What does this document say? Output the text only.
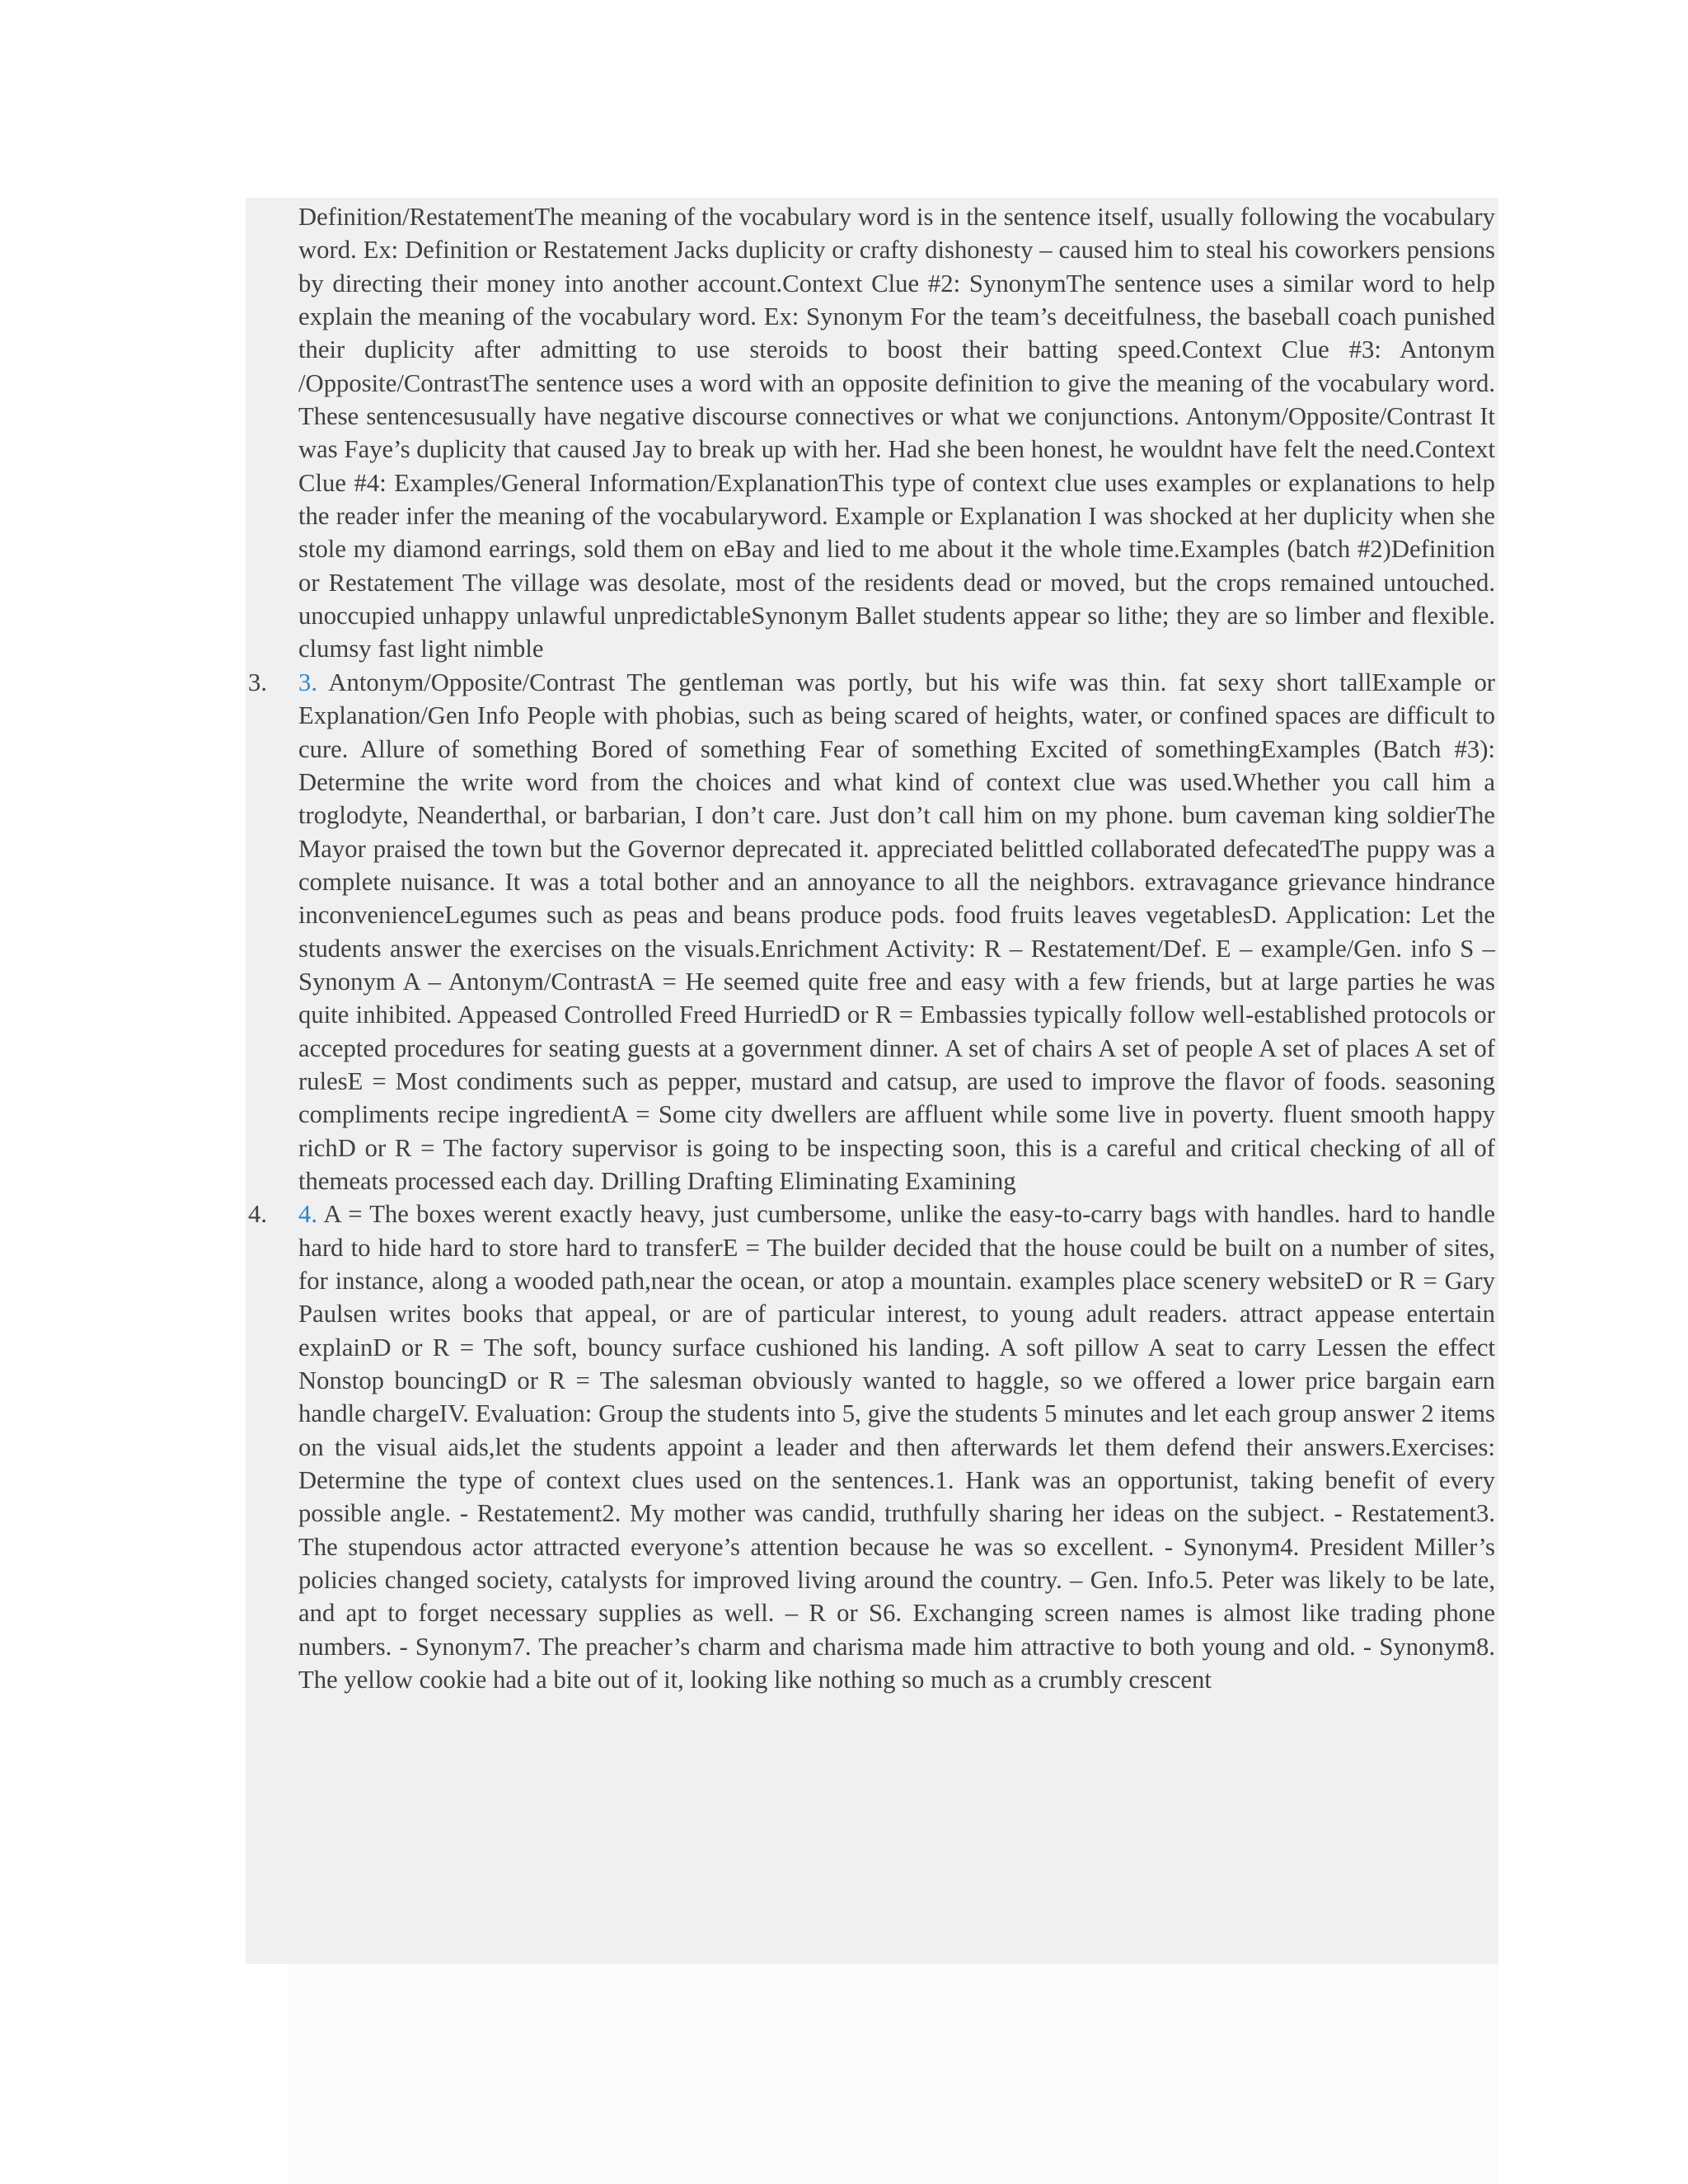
Definition/RestatementThe meaning of the vocabulary word is in the sentence itself, usually following the vocabulary word. Ex: Definition or Restatement Jacks duplicity or crafty dishonesty – caused him to steal his coworkers pensions by directing their money into another account.Context Clue #2: SynonymThe sentence uses a similar word to help explain the meaning of the vocabulary word. Ex: Synonym For the team’s deceitfulness, the baseball coach punished their duplicity after admitting to use steroids to boost their batting speed.Context Clue #3: Antonym /Opposite/ContrastThe sentence uses a word with an opposite definition to give the meaning of the vocabulary word. These sentencesusually have negative discourse connectives or what we conjunctions. Antonym/Opposite/Contrast It was Faye’s duplicity that caused Jay to break up with her. Had she been honest, he wouldnt have felt the need.Context Clue #4: Examples/General Information/ExplanationThis type of context clue uses examples or explanations to help the reader infer the meaning of the vocabularyword. Example or Explanation I was shocked at her duplicity when she stole my diamond earrings, sold them on eBay and lied to me about it the whole time.Examples (batch #2)Definition or Restatement The village was desolate, most of the residents dead or moved, but the crops remained untouched. unoccupied unhappy unlawful unpredictableSynonym Ballet students appear so lithe; they are so limber and flexible. clumsy fast light nimble
3. 3. Antonym/Opposite/Contrast The gentleman was portly, but his wife was thin. fat sexy short tallExample or Explanation/Gen Info People with phobias, such as being scared of heights, water, or confined spaces are difficult to cure. Allure of something Bored of something Fear of something Excited of somethingExamples (Batch #3): Determine the write word from the choices and what kind of context clue was used.Whether you call him a troglodyte, Neanderthal, or barbarian, I don’t care. Just don’t call him on my phone. bum caveman king soldierThe Mayor praised the town but the Governor deprecated it. appreciated belittled collaborated defecatedThe puppy was a complete nuisance. It was a total bother and an annoyance to all the neighbors. extravagance grievance hindrance inconvenienceLegumes such as peas and beans produce pods. food fruits leaves vegetablesD. Application: Let the students answer the exercises on the visuals.Enrichment Activity: R – Restatement/Def. E – example/Gen. info S – Synonym A – Antonym/ContrastA = He seemed quite free and easy with a few friends, but at large parties he was quite inhibited. Appeased Controlled Freed HurriedD or R = Embassies typically follow well-established protocols or accepted procedures for seating guests at a government dinner. A set of chairs A set of people A set of places A set of rulesE = Most condiments such as pepper, mustard and catsup, are used to improve the flavor of foods. seasoning compliments recipe ingredientA = Some city dwellers are affluent while some live in poverty. fluent smooth happy richD or R = The factory supervisor is going to be inspecting soon, this is a careful and critical checking of all of themeats processed each day. Drilling Drafting Eliminating Examining
4. 4. A = The boxes werent exactly heavy, just cumbersome, unlike the easy-to-carry bags with handles. hard to handle hard to hide hard to store hard to transferE = The builder decided that the house could be built on a number of sites, for instance, along a wooded path,near the ocean, or atop a mountain. examples place scenery websiteD or R = Gary Paulsen writes books that appeal, or are of particular interest, to young adult readers. attract appease entertain explainD or R = The soft, bouncy surface cushioned his landing. A soft pillow A seat to carry Lessen the effect Nonstop bouncingD or R = The salesman obviously wanted to haggle, so we offered a lower price bargain earn handle chargeIV. Evaluation: Group the students into 5, give the students 5 minutes and let each group answer 2 items on the visual aids,let the students appoint a leader and then afterwards let them defend their answers.Exercises: Determine the type of context clues used on the sentences.1. Hank was an opportunist, taking benefit of every possible angle. - Restatement2. My mother was candid, truthfully sharing her ideas on the subject. - Restatement3. The stupendous actor attracted everyone’s attention because he was so excellent. - Synonym4. President Miller’s policies changed society, catalysts for improved living around the country. – Gen. Info.5. Peter was likely to be late, and apt to forget necessary supplies as well. – R or S6. Exchanging screen names is almost like trading phone numbers. - Synonym7. The preacher’s charm and charisma made him attractive to both young and old. - Synonym8. The yellow cookie had a bite out of it, looking like nothing so much as a crumbly crescent
